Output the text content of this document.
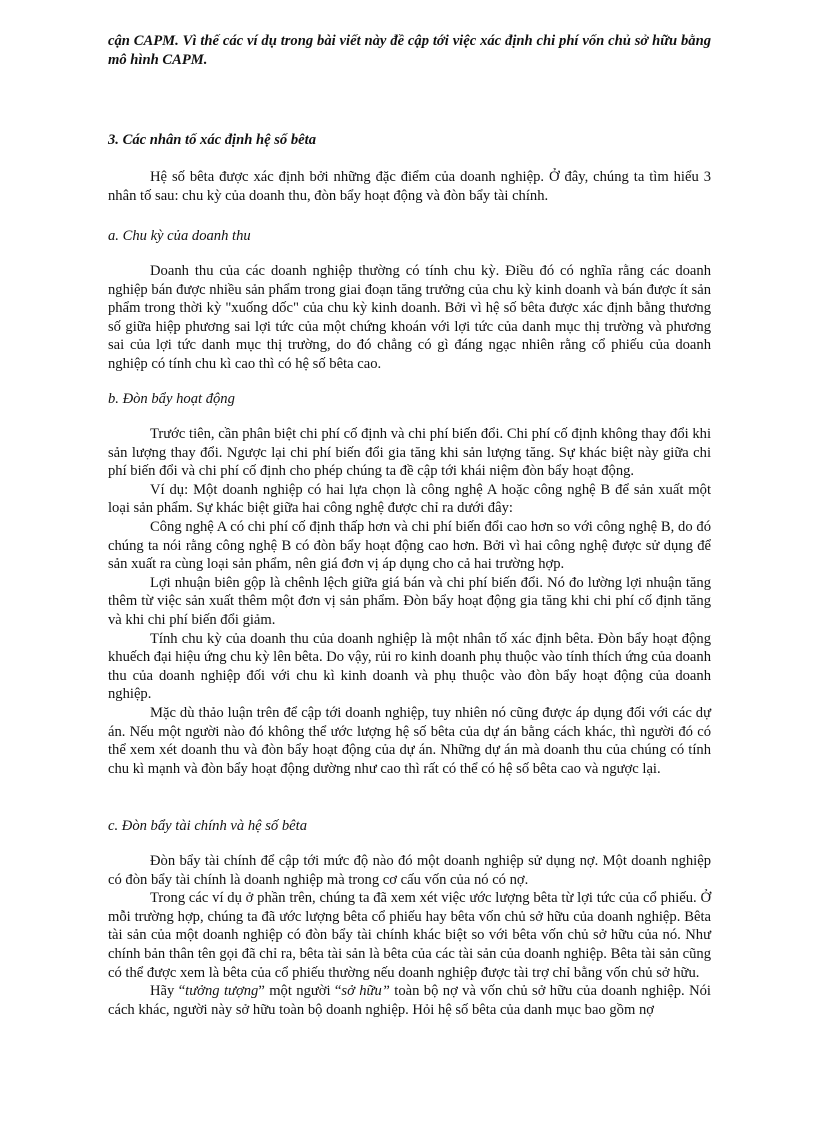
cận CAPM. Vì thế các ví dụ trong bài viết này đề cập tới việc xác định chi phí vốn chủ sở hữu bằng mô hình CAPM.

3. Các nhân tố xác định hệ số bêta

Hệ số bêta được xác định bởi những đặc điểm của doanh nghiệp. Ở đây, chúng ta tìm hiểu 3 nhân tố sau: chu kỳ của doanh thu, đòn bẩy hoạt động và đòn bẩy tài chính.

a. Chu kỳ của doanh thu

Doanh thu của các doanh nghiệp thường có tính chu kỳ. Điều đó có nghĩa rằng các doanh nghiệp bán được nhiều sản phẩm trong giai đoạn tăng trưởng của chu kỳ kinh doanh và bán được ít sản phẩm trong thời kỳ "xuống dốc" của chu kỳ kinh doanh. Bởi vì hệ số bêta được xác định bằng thương số giữa hiệp phương sai lợi tức của một chứng khoán với lợi tức của danh mục thị trường và phương sai của lợi tức danh mục thị trường, do đó chẳng có gì đáng ngạc nhiên rằng cổ phiếu của doanh nghiệp có tính chu kì cao thì có hệ số bêta cao.

b. Đòn bẩy hoạt động

Trước tiên, cần phân biệt chi phí cố định và chi phí biến đổi. Chi phí cố định không thay đổi khi sản lượng thay đổi. Ngược lại chi phí biến đổi gia tăng khi sản lượng tăng. Sự khác biệt này giữa chi phí biến đổi và chi phí cố định cho phép chúng ta đề cập tới khái niệm đòn bẩy hoạt động.

Ví dụ: Một doanh nghiệp có hai lựa chọn là công nghệ A hoặc công nghệ B để sản xuất một loại sản phẩm. Sự khác biệt giữa hai công nghệ được chỉ ra dưới đây:

Công nghệ A có chi phí cố định thấp hơn và chi phí biến đổi cao hơn so với công nghệ B, do đó chúng ta nói rằng công nghệ B có đòn bẩy hoạt động cao hơn. Bởi vì hai công nghệ được sử dụng để sản xuất ra cùng loại sản phẩm, nên giá đơn vị áp dụng cho cả hai trường hợp.

Lợi nhuận biên gộp là chênh lệch giữa giá bán và chi phí biến đổi. Nó đo lường lợi nhuận tăng thêm từ việc sản xuất thêm một đơn vị sản phẩm. Đòn bẩy hoạt động gia tăng khi chi phí cố định tăng và khi chi phí biến đổi giảm.

Tính chu kỳ của doanh thu của doanh nghiệp là một nhân tố xác định bêta. Đòn bẩy hoạt động khuếch đại hiệu ứng chu kỳ lên bêta. Do vậy, rủi ro kinh doanh phụ thuộc vào tính thích ứng của doanh thu của doanh nghiệp đối với chu kì kinh doanh và phụ thuộc vào đòn bẩy hoạt động của doanh nghiệp.

Mặc dù thảo luận trên để cập tới doanh nghiệp, tuy nhiên nó cũng được áp dụng đối với các dự án. Nếu một người nào đó không thể ước lượng hệ số bêta của dự án bằng cách khác, thì người đó có thể xem xét doanh thu và đòn bẩy hoạt động của dự án. Những dự án mà doanh thu của chúng có tính chu kì mạnh và đòn bẩy hoạt động dường như cao thì rất có thể có hệ số bêta cao và ngược lại.

c. Đòn bẩy tài chính và hệ số bêta

Đòn bẩy tài chính để cập tới mức độ nào đó một doanh nghiệp sử dụng nợ. Một doanh nghiệp có đòn bẩy tài chính là doanh nghiệp mà trong cơ cấu vốn của nó có nợ.

Trong các ví dụ ở phần trên, chúng ta đã xem xét việc ước lượng bêta từ lợi tức của cổ phiếu. Ở mỗi trường hợp, chúng ta đã ước lượng bêta cổ phiếu hay bêta vốn chủ sở hữu của doanh nghiệp. Bêta tài sản của một doanh nghiệp có đòn bẩy tài chính khác biệt so với bêta vốn chủ sở hữu của nó. Như chính bản thân tên gọi đã chỉ ra, bêta tài sản là bêta của các tài sản của doanh nghiệp. Bêta tài sản cũng có thể được xem là bêta của cổ phiếu thường nếu doanh nghiệp được tài trợ chỉ bằng vốn chủ sở hữu.

Hãy “tưởng tượng” một người “sở hữu” toàn bộ nợ và vốn chủ sở hữu của doanh nghiệp. Nói cách khác, người này sở hữu toàn bộ doanh nghiệp. Hỏi hệ số bêta của danh mục bao gồm nợ
